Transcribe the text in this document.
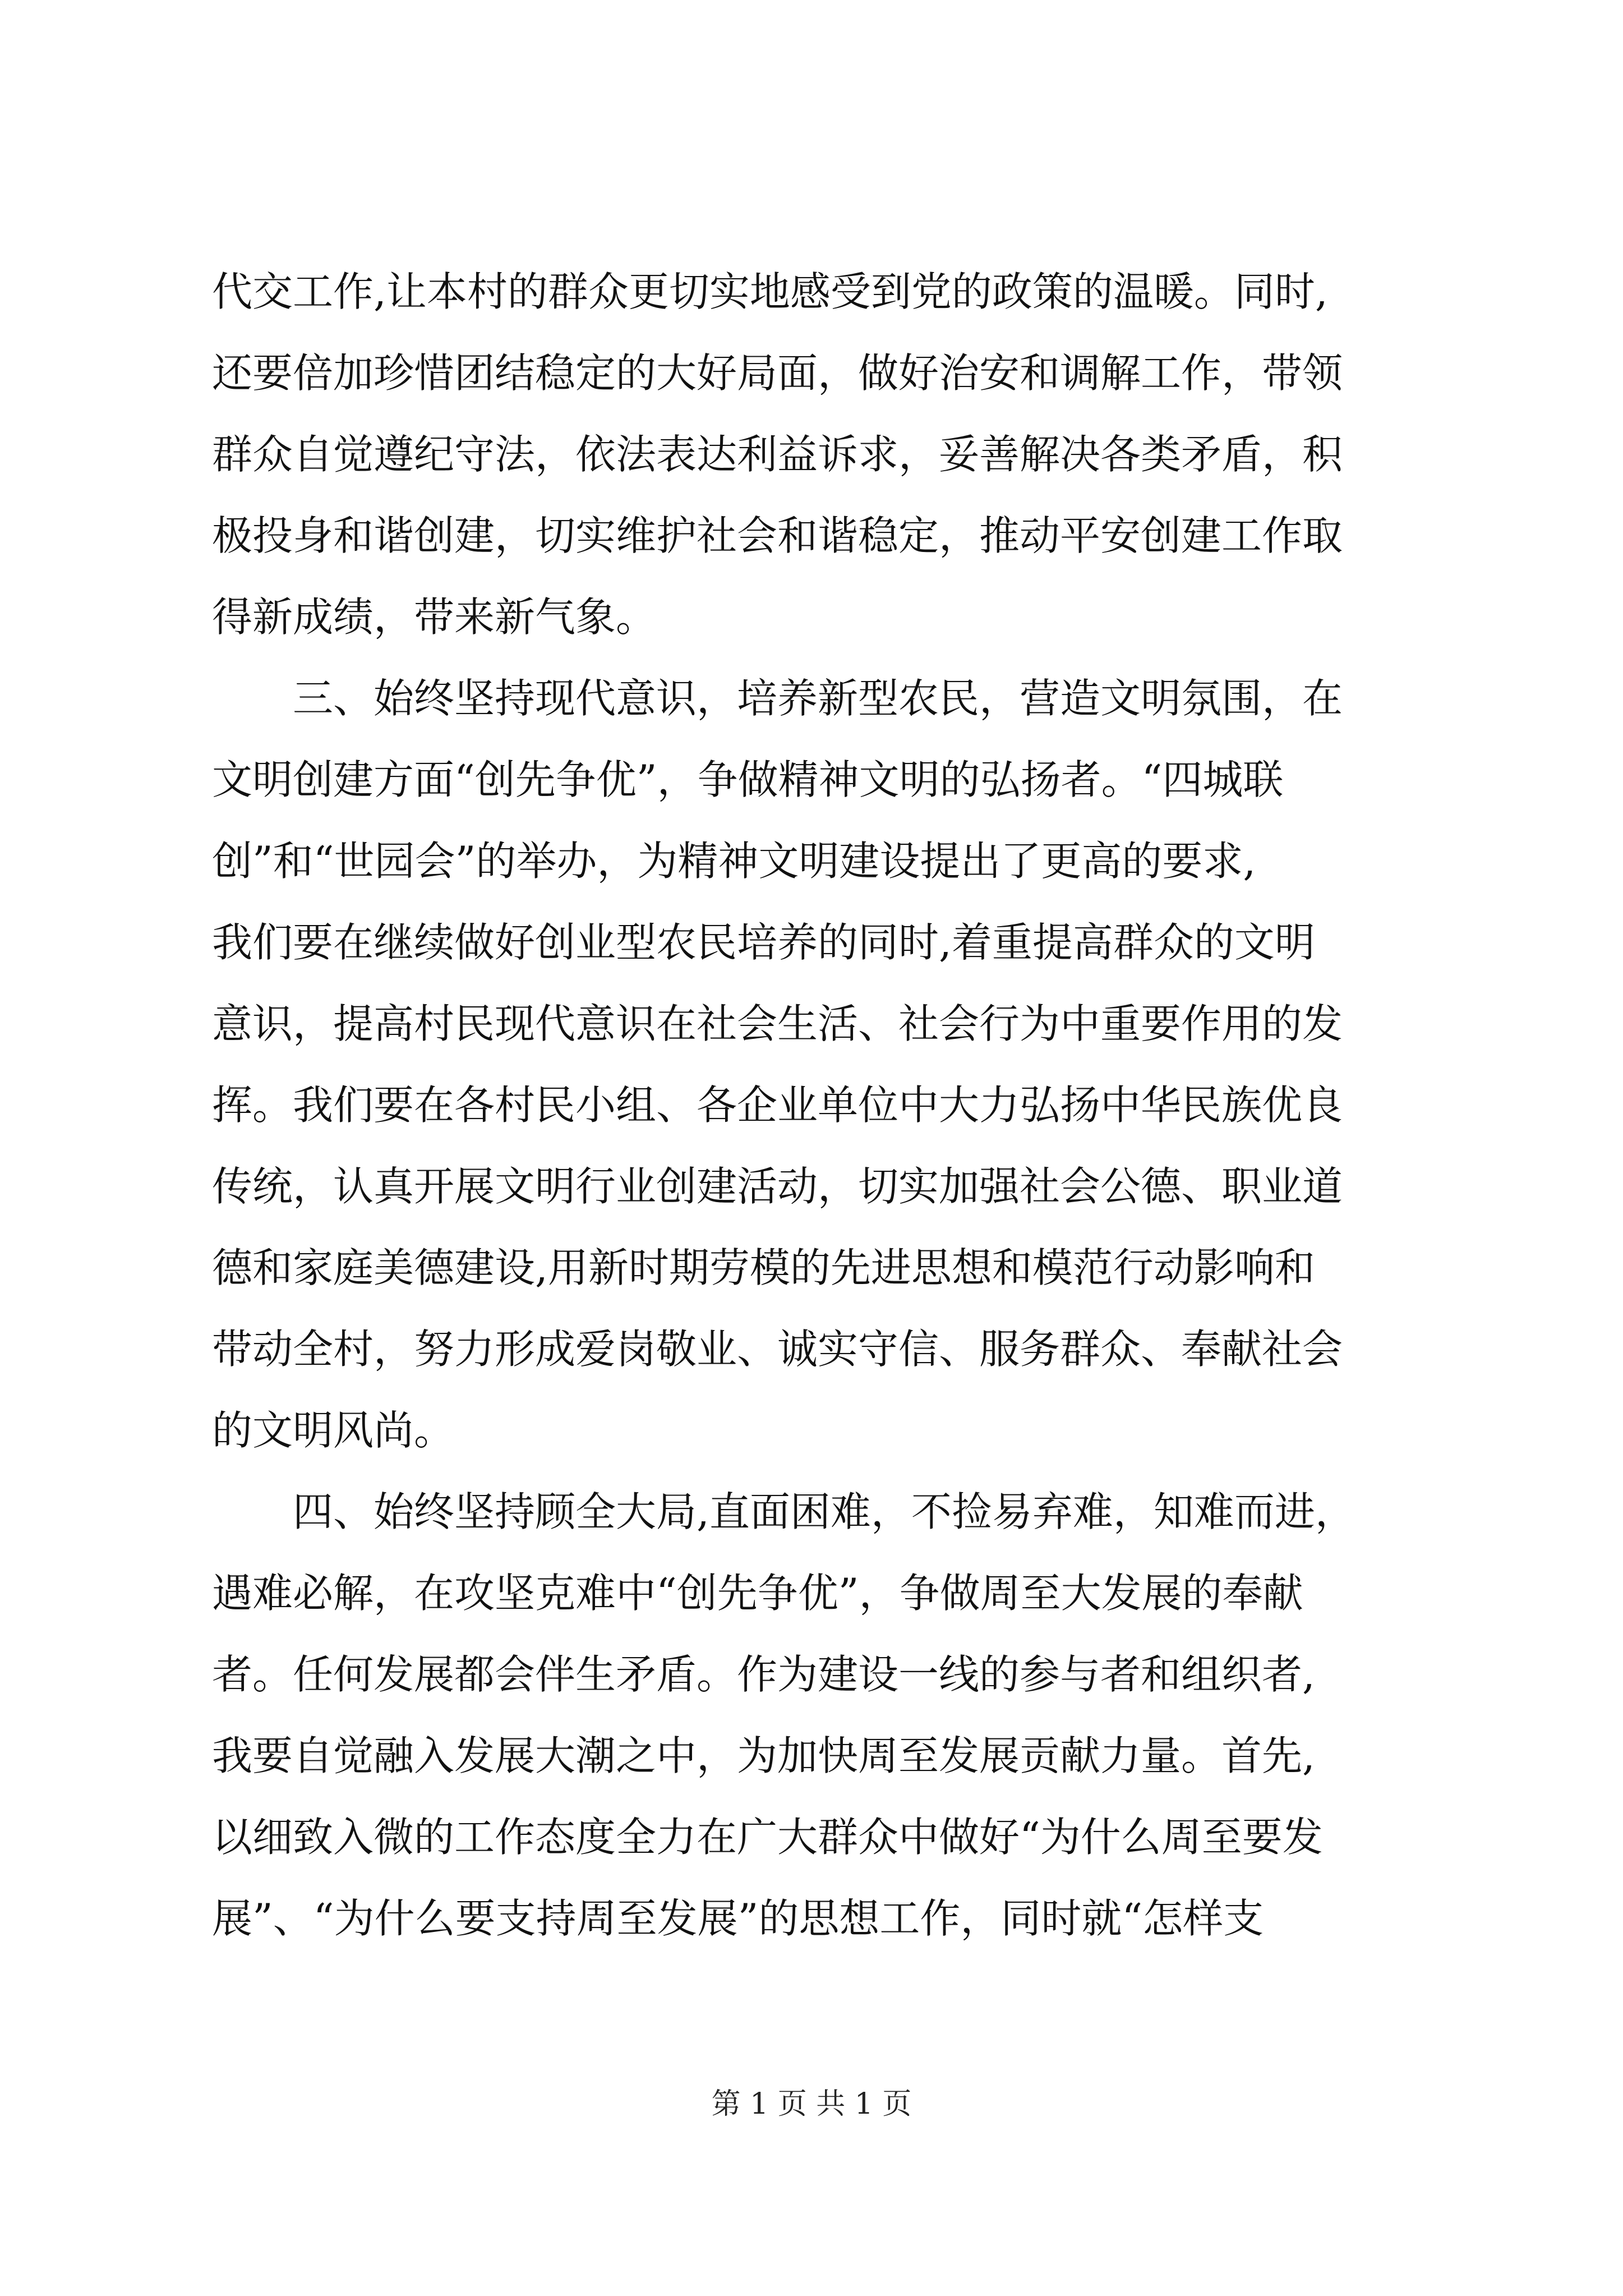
代交工作,让本村的群众更切实地感受到党的政策的温暖。同时,
还要倍加珍惜团结稳定的大好局面，做好治安和调解工作，带领
群众自觉遵纪守法，依法表达利益诉求，妥善解决各类矛盾，积
极投身和谐创建，切实维护社会和谐稳定，推动平安创建工作取
得新成绩，带来新气象。
　　三、始终坚持现代意识，培养新型农民，营造文明氛围，在
文明创建方面“创先争优”，争做精神文明的弘扬者。“四城联
创”和“世园会”的举办，为精神文明建设提出了更高的要求,
我们要在继续做好创业型农民培养的同时,着重提高群众的文明
意识，提高村民现代意识在社会生活、社会行为中重要作用的发
挥。我们要在各村民小组、各企业单位中大力弘扬中华民族优良
传统，认真开展文明行业创建活动，切实加强社会公德、职业道
德和家庭美德建设,用新时期劳模的先进思想和模范行动影响和
带动全村，努力形成爱岗敬业、诚实守信、服务群众、奉献社会
的文明风尚。
　　四、始终坚持顾全大局,直面困难，不捡易弃难，知难而进，
遇难必解，在攻坚克难中“创先争优”，争做周至大发展的奉献
者。任何发展都会伴生矛盾。作为建设一线的参与者和组织者,
我要自觉融入发展大潮之中，为加快周至发展贡献力量。首先,
以细致入微的工作态度全力在广大群众中做好“为什么周至要发
展”、“为什么要支持周至发展”的思想工作，同时就“怎样支
第 1 页 共 1 页
